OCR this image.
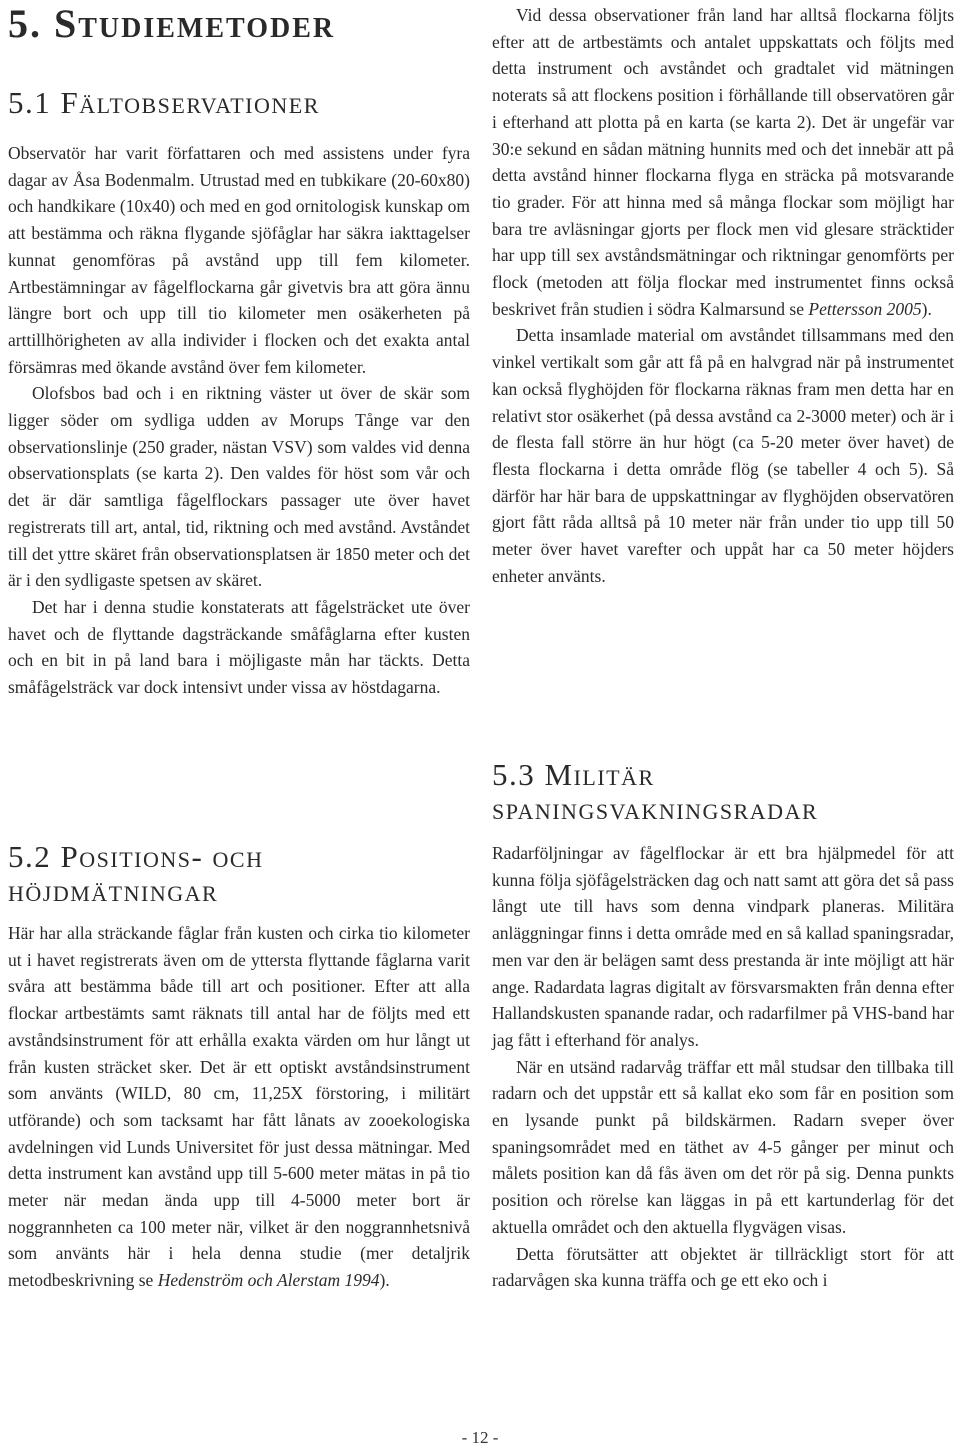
5. Studiemetoder
5.1 Fältobservationer

Observatör har varit författaren och med assistens under fyra dagar av Åsa Bodenmalm. Utrustad med en tubkikare (20-60x80) och handkikare (10x40) och med en god ornitologisk kunskap om att bestämma och räkna flygande sjöfåglar har säkra iakttagelser kunnat genomföras på avstånd upp till fem kilometer. Artbestämningar av fågelflockarna går givetvis bra att göra ännu längre bort och upp till tio kilometer men osäkerheten på arttillhörigheten av alla individer i flocken och det exakta antal försämras med ökande avstånd över fem kilometer.

Olofsbos bad och i en riktning väster ut över de skär som ligger söder om sydliga udden av Morups Tånge var den observationslinje (250 grader, nästan VSV) som valdes vid denna observationsplats (se karta 2). Den valdes för höst som vår och det är där samtliga fågelflockars passager ute över havet registrerats till art, antal, tid, riktning och med avstånd. Avståndet till det yttre skäret från observationsplatsen är 1850 meter och det är i den sydligaste spetsen av skäret.

Det har i denna studie konstaterats att fågelsträcket ute över havet och de flyttande dagsträckande småfåglarna efter kusten och en bit in på land bara i möjligaste mån har täckts. Detta småfågelsträck var dock intensivt under vissa av höstdagarna.

5.2 Positions- och höjdmätningar

Här har alla sträckande fåglar från kusten och cirka tio kilometer ut i havet registrerats även om de yttersta flyttande fåglarna varit svåra att bestämma både till art och positioner. Efter att alla flockar artbestämts samt räknats till antal har de följts med ett avståndsinstrument för att erhålla exakta värden om hur långt ut från kusten sträcket sker. Det är ett optiskt avståndsinstrument som använts (WILD, 80 cm, 11,25X förstoring, i militärt utförande) och som tacksamt har fått lånats av zooekologiska avdelningen vid Lunds Universitet för just dessa mätningar. Med detta instrument kan avstånd upp till 5-600 meter mätas in på tio meter när medan ända upp till 4-5000 meter bort är noggrannheten ca 100 meter när, vilket är den noggrannhetsnivå som använts här i hela denna studie (mer detaljrik metodbeskrivning se Hedenström och Alerstam 1994).

Vid dessa observationer från land har alltså flockarna följts efter att de artbestämts och antalet uppskattats och följts med detta instrument och avståndet och gradtalet vid mätningen noterats så att flockens position i förhållande till observatören går i efterhand att plotta på en karta (se karta 2). Det är ungefär var 30:e sekund en sådan mätning hunnits med och det innebär att på detta avstånd hinner flockarna flyga en sträcka på motsvarande tio grader. För att hinna med så många flockar som möjligt har bara tre avläsningar gjorts per flock men vid glesare sträcktider har upp till sex avståndsmätningar och riktningar genomförts per flock (metoden att följa flockar med instrumentet finns också beskrivet från studien i södra Kalmarsund se Pettersson 2005).

Detta insamlade material om avståndet tillsammans med den vinkel vertikalt som går att få på en halvgrad när på instrumentet kan också flyghöjden för flockarna räknas fram men detta har en relativt stor osäkerhet (på dessa avstånd ca 2-3000 meter) och är i de flesta fall större än hur högt (ca 5-20 meter över havet) de flesta flockarna i detta område flög (se tabeller 4 och 5). Så därför har här bara de uppskattningar av flyghöjden observatören gjort fått råda alltså på 10 meter när från under tio upp till 50 meter över havet varefter och uppåt har ca 50 meter höjders enheter använts.

5.3 Militär spaningsvakningsradar

Radarföljningar av fågelflockar är ett bra hjälpmedel för att kunna följa sjöfågelsträcken dag och natt samt att göra det så pass långt ute till havs som denna vindpark planeras. Militära anläggningar finns i detta område med en så kallad spaningsradar, men var den är belägen samt dess prestanda är inte möjligt att här ange. Radardata lagras digitalt av försvarsmakten från denna efter Hallandskusten spanande radar, och radarfilmer på VHS-band har jag fått i efterhand för analys.

När en utsänd radarvåg träffar ett mål studsar den tillbaka till radarn och det uppstår ett så kallat eko som får en position som en lysande punkt på bildskärmen. Radarn sveper över spaningsområdet med en täthet av 4-5 gånger per minut och målets position kan då fås även om det rör på sig. Denna punkts position och rörelse kan läggas in på ett kartunderlag för det aktuella området och den aktuella flygvägen visas.

Detta förutsätter att objektet är tillräckligt stort för att radarvågen ska kunna träffa och ge ett eko och i

- 12 -
